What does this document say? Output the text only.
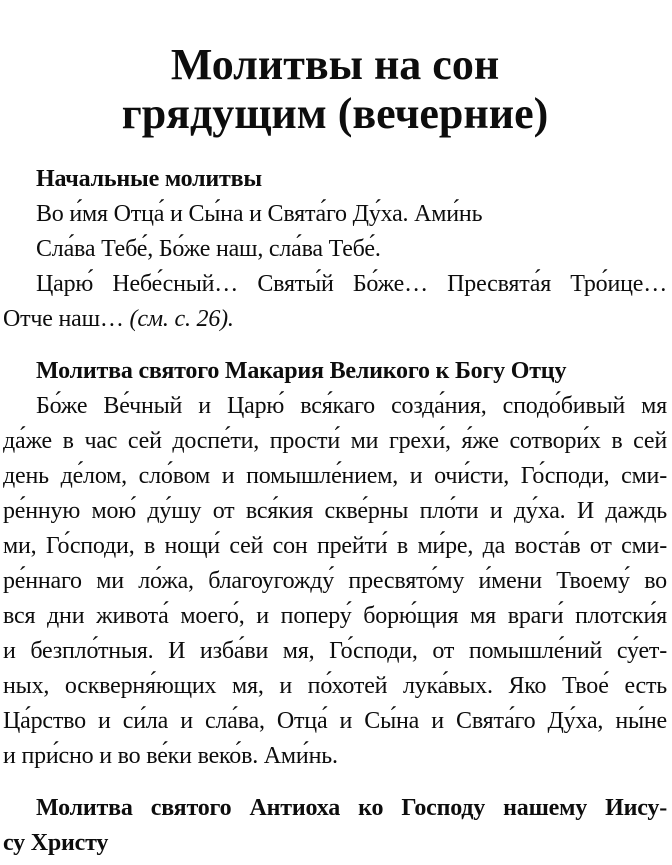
Молитвы на сон
грядущим (вечерние)
Начальные молитвы
Во и́мя Отца́ и Сы́на и Свята́го Ду́ха. Ами́нь
Сла́ва Тебе́, Бо́же наш, сла́ва Тебе́.
Царю́ Небе́сный… Святы́й Бо́же… Пресвята́я Тро́ице…
Отче наш… (см. с. 26).
Молитва святого Макария Великого к Богу Отцу
Бо́же Ве́чный и Царю́ вся́каго созда́ния, сподо́бивый мя
да́же в час сей доспе́ти, прости́ ми грехи́, я́же сотвори́х в сей
день де́лом, сло́вом и помышле́нием, и очи́сти, Го́споди, сми-
ре́нную мою́ ду́шу от вся́кия скве́рны пло́ти и ду́ха. И даждь
ми, Го́споди, в нощи́ сей сон прейти́ в ми́ре, да воста́в от сми-
ре́ннаго ми ло́жа, благоугожду́ пресвято́му и́мени Твоему́ во
вся дни живота́ моего́, и поперу́ борю́щия мя враги́ плотски́я
и безпло́тныя. И изба́ви мя, Го́споди, от помышле́ний су́ет-
ных, оскверня́ющих мя, и по́хотей лука́вых. Яко Твое́ есть
Ца́рство и си́ла и сла́ва, Отца́ и Сы́на и Свята́го Ду́ха, ны́не
и при́сно и во ве́ки веко́в. Ами́нь.
Молитва святого Антиоха ко Господу нашему Иису-
су Христу
